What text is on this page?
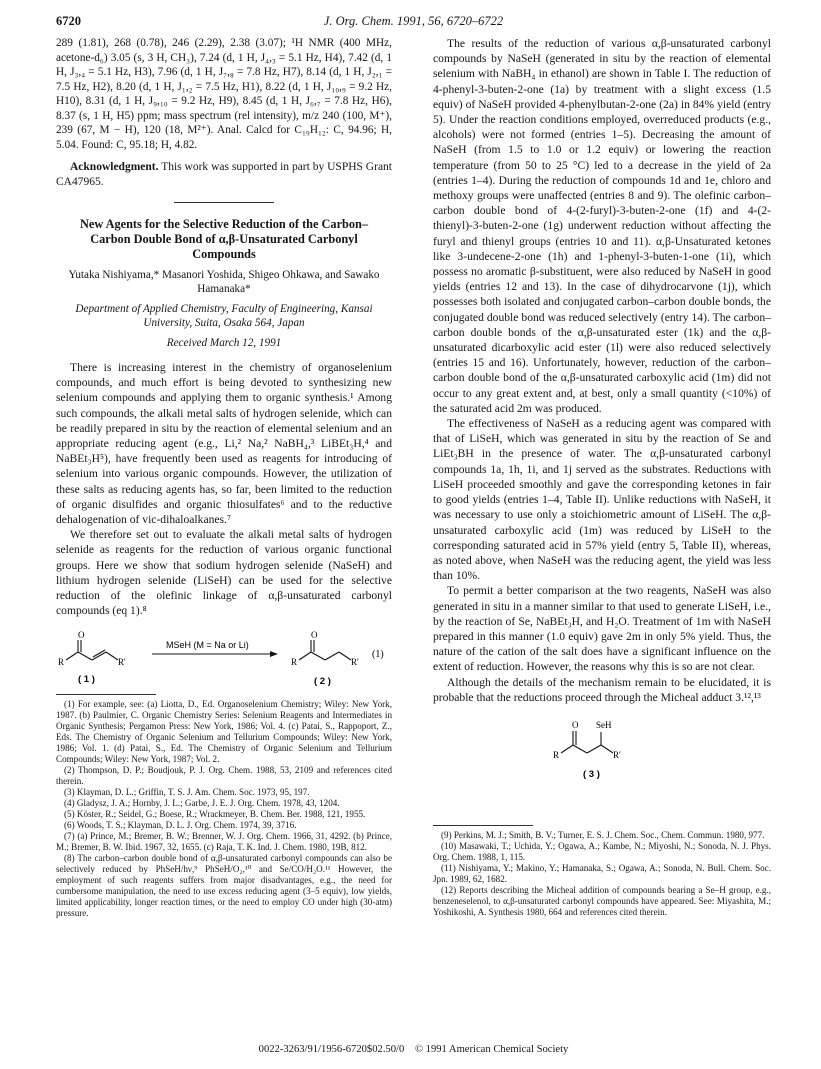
J. Org. Chem. 1991, 56, 6720–6722
6720

289 (1.81), 268 (0.78), 246 (2.29), 2.38 (3.07); ¹H NMR (400 MHz, acetone-d₆) 3.05 (s, 3 H, CH₃), 7.24 (d, 1 H, J₄,₃ = 5.1 Hz, H4), 7.42 (d, 1 H, J₃,₄ = 5.1 Hz, H3), 7.96 (d, 1 H, J₇,₈ = 7.8 Hz, H7), 8.14 (d, 1 H, J₂,₁ = 7.5 Hz, H2), 8.20 (d, 1 H, J₁,₂ = 7.5 Hz, H1), 8.22 (d, 1 H, J₁₀,₉ = 9.2 Hz, H10), 8.31 (d, 1 H, J₉,₁₀ = 9.2 Hz, H9), 8.45 (d, 1 H, J₆,₇ = 7.8 Hz, H6), 8.37 (s, 1 H, H5) ppm; mass spectrum (rel intensity), m/z 240 (100, M⁺), 239 (67, M − H), 120 (18, M²⁺). Anal. Calcd for C₁₉H₁₂: C, 94.96; H, 5.04. Found: C, 95.18; H, 4.82.

Acknowledgment. This work was supported in part by USPHS Grant CA47965.

New Agents for the Selective Reduction of the Carbon–Carbon Double Bond of α,β-Unsaturated Carbonyl Compounds
Yutaka Nishiyama,* Masanori Yoshida, Shigeo Ohkawa, and Sawako Hamanaka*
Department of Applied Chemistry, Faculty of Engineering, Kansai University, Suita, Osaka 564, Japan
Received March 12, 1991

There is increasing interest in the chemistry of organoselenium compounds, and much effort is being devoted to synthesizing new selenium compounds and applying them to organic synthesis.¹ Among such compounds, the alkali metal salts of hydrogen selenide, which can be readily prepared in situ by the reaction of elemental selenium and an appropriate reducing agent (e.g., Li,² Na,² NaBH₄,³ LiBEt₃H,⁴ and NaBEt₃H⁵), have frequently been used as reagents for introducing of selenium into various organic compounds. However, the utilization of these salts as reducing agents has, so far, been limited to the reduction of organic disulfides and organic thiosulfates⁶ and to the reductive dehalogenation of vic-dihaloalkanes.⁷

We therefore set out to evaluate the alkali metal salts of hydrogen selenide as reagents for the reduction of various organic functional groups. Here we show that sodium hydrogen selenide (NaSeH) and lithium hydrogen selenide (LiSeH) can be used for the selective reduction of the olefinic linkage of α,β-unsaturated carbonyl compounds (eq 1).⁸

O
R	R'
MSeH (M = Na or Li)
O
R	R'
(1)
( 1 )	( 2 )

(1) For example, see: (a) Liotta, D., Ed. Organoselenium Chemistry; Wiley: New York, 1987. (b) Paulmier, C. Organic Chemistry Series: Selenium Reagents and Intermediates in Organic Synthesis; Pergamon Press: New York, 1986; Vol. 4. (c) Patai, S., Rappoport, Z., Eds. The Chemistry of Organic Selenium and Tellurium Compounds; Wiley: New York, 1986; Vol. 1. (d) Patai, S., Ed. The Chemistry of Organic Selenium and Tellurium Compounds; Wiley: New York, 1987; Vol. 2.

(2) Thompson, D. P.; Boudjouk, P. J. Org. Chem. 1988, 53, 2109 and references cited therein.

(3) Klayman, D. L.; Griffin, T. S. J. Am. Chem. Soc. 1973, 95, 197.

(4) Gladysz, J. A.; Hornby, J. L.; Garbe, J. E. J. Org. Chem. 1978, 43, 1204.

(5) Köster, R.; Seidel, G.; Boese, R.; Wrackmeyer, B. Chem. Ber. 1988, 121, 1955.

(6) Woods, T. S.; Klayman, D. L. J. Org. Chem. 1974, 39, 3716.

(7) (a) Prince, M.; Bremer, B. W.; Brenner, W. J. Org. Chem. 1966, 31, 4292. (b) Prince, M.; Bremer, B. W. Ibid. 1967, 32, 1655. (c) Raja, T. K. Ind. J. Chem. 1980, 19B, 812.

(8) The carbon–carbon double bond of α,β-unsaturated carbonyl compounds can also be selectively reduced by PhSeH/hν,⁹ PhSeH/O₂,¹⁰ and Se/CO/H₂O.¹¹ However, the employment of such reagents suffers from major disadvantages, e.g., the need for cumbersome manipulation, the need to use excess reducing agent (3–5 equiv), low yields, limited applicability, longer reaction times, or the need to employ CO under high (30-atm) pressure.

The results of the reduction of various α,β-unsaturated carbonyl compounds by NaSeH (generated in situ by the reaction of elemental selenium with NaBH₄ in ethanol) are shown in Table I. The reduction of 4-phenyl-3-buten-2-one (1a) by treatment with a slight excess (1.5 equiv) of NaSeH provided 4-phenylbutan-2-one (2a) in 84% yield (entry 5). Under the reaction conditions employed, overreduced products (e.g., alcohols) were not formed (entries 1–5). Decreasing the amount of NaSeH (from 1.5 to 1.0 or 1.2 equiv) or lowering the reaction temperature (from 50 to 25 °C) led to a decrease in the yield of 2a (entries 1–4). During the reduction of compounds 1d and 1e, chloro and methoxy groups were unaffected (entries 8 and 9). The olefinic carbon–carbon double bond of 4-(2-furyl)-3-buten-2-one (1f) and 4-(2-thienyl)-3-buten-2-one (1g) underwent reduction without affecting the furyl and thienyl groups (entries 10 and 11). α,β-Unsaturated ketones like 3-undecene-2-one (1h) and 1-phenyl-3-buten-1-one (1i), which possess no aromatic β-substituent, were also reduced by NaSeH in good yields (entries 12 and 13). In the case of dihydrocarvone (1j), which possesses both isolated and conjugated carbon–carbon double bonds, the conjugated double bond was reduced selectively (entry 14). The carbon–carbon double bonds of the α,β-unsaturated ester (1k) and the α,β-unsaturated dicarboxylic acid ester (1l) were also reduced selectively (entries 15 and 16). Unfortunately, however, reduction of the carbon–carbon double bond of the α,β-unsaturated carboxylic acid (1m) did not occur to any great extent and, at best, only a small quantity (<10%) of the saturated acid 2m was produced.

The effectiveness of NaSeH as a reducing agent was compared with that of LiSeH, which was generated in situ by the reaction of Se and LiEt₃BH in the presence of water. The α,β-unsaturated carbonyl compounds 1a, 1h, 1i, and 1j served as the substrates. Reductions with LiSeH proceeded smoothly and gave the corresponding ketones in fair to good yields (entries 1–4, Table II). Unlike reductions with NaSeH, it was necessary to use only a stoichiometric amount of LiSeH. The α,β-unsaturated carboxylic acid (1m) was reduced by LiSeH to the corresponding saturated acid in 57% yield (entry 5, Table II), whereas, as noted above, when NaSeH was the reducing agent, the yield was less than 10%.

To permit a better comparison at the two reagents, NaSeH was also generated in situ in a manner similar to that used to generate LiSeH, i.e., by the reaction of Se, NaBEt₃H, and H₂O. Treatment of 1m with NaSeH prepared in this manner (1.0 equiv) gave 2m in only 5% yield. Thus, the nature of the cation of the salt does have a significant influence on the extent of reduction. However, the reasons why this is so are not clear.

Although the details of the mechanism remain to be elucidated, it is probable that the reductions proceed through the Micheal adduct 3.¹²,¹³

O SeH
R	R'
( 3 )

(9) Perkins, M. J.; Smith, B. V.; Turner, E. S. J. Chem. Soc., Chem. Commun. 1980, 977.

(10) Masawaki, T.; Uchida, Y.; Ogawa, A.; Kambe, N.; Miyoshi, N.; Sonoda, N. J. Phys. Org. Chem. 1988, 1, 115.

(11) Nishiyama, Y.; Makino, Y.; Hamanaka, S.; Ogawa, A.; Sonoda, N. Bull. Chem. Soc. Jpn. 1989, 62, 1682.

(12) Reports describing the Micheal addition of compounds bearing a Se–H group, e.g., benzeneselenol, to α,β-unsaturated carbonyl compounds have appeared. See: Miyashita, M.; Yoshikoshi, A. Synthesis 1980, 664 and references cited therein.

0022-3263/91/1956-6720$02.50/0 © 1991 American Chemical Society
